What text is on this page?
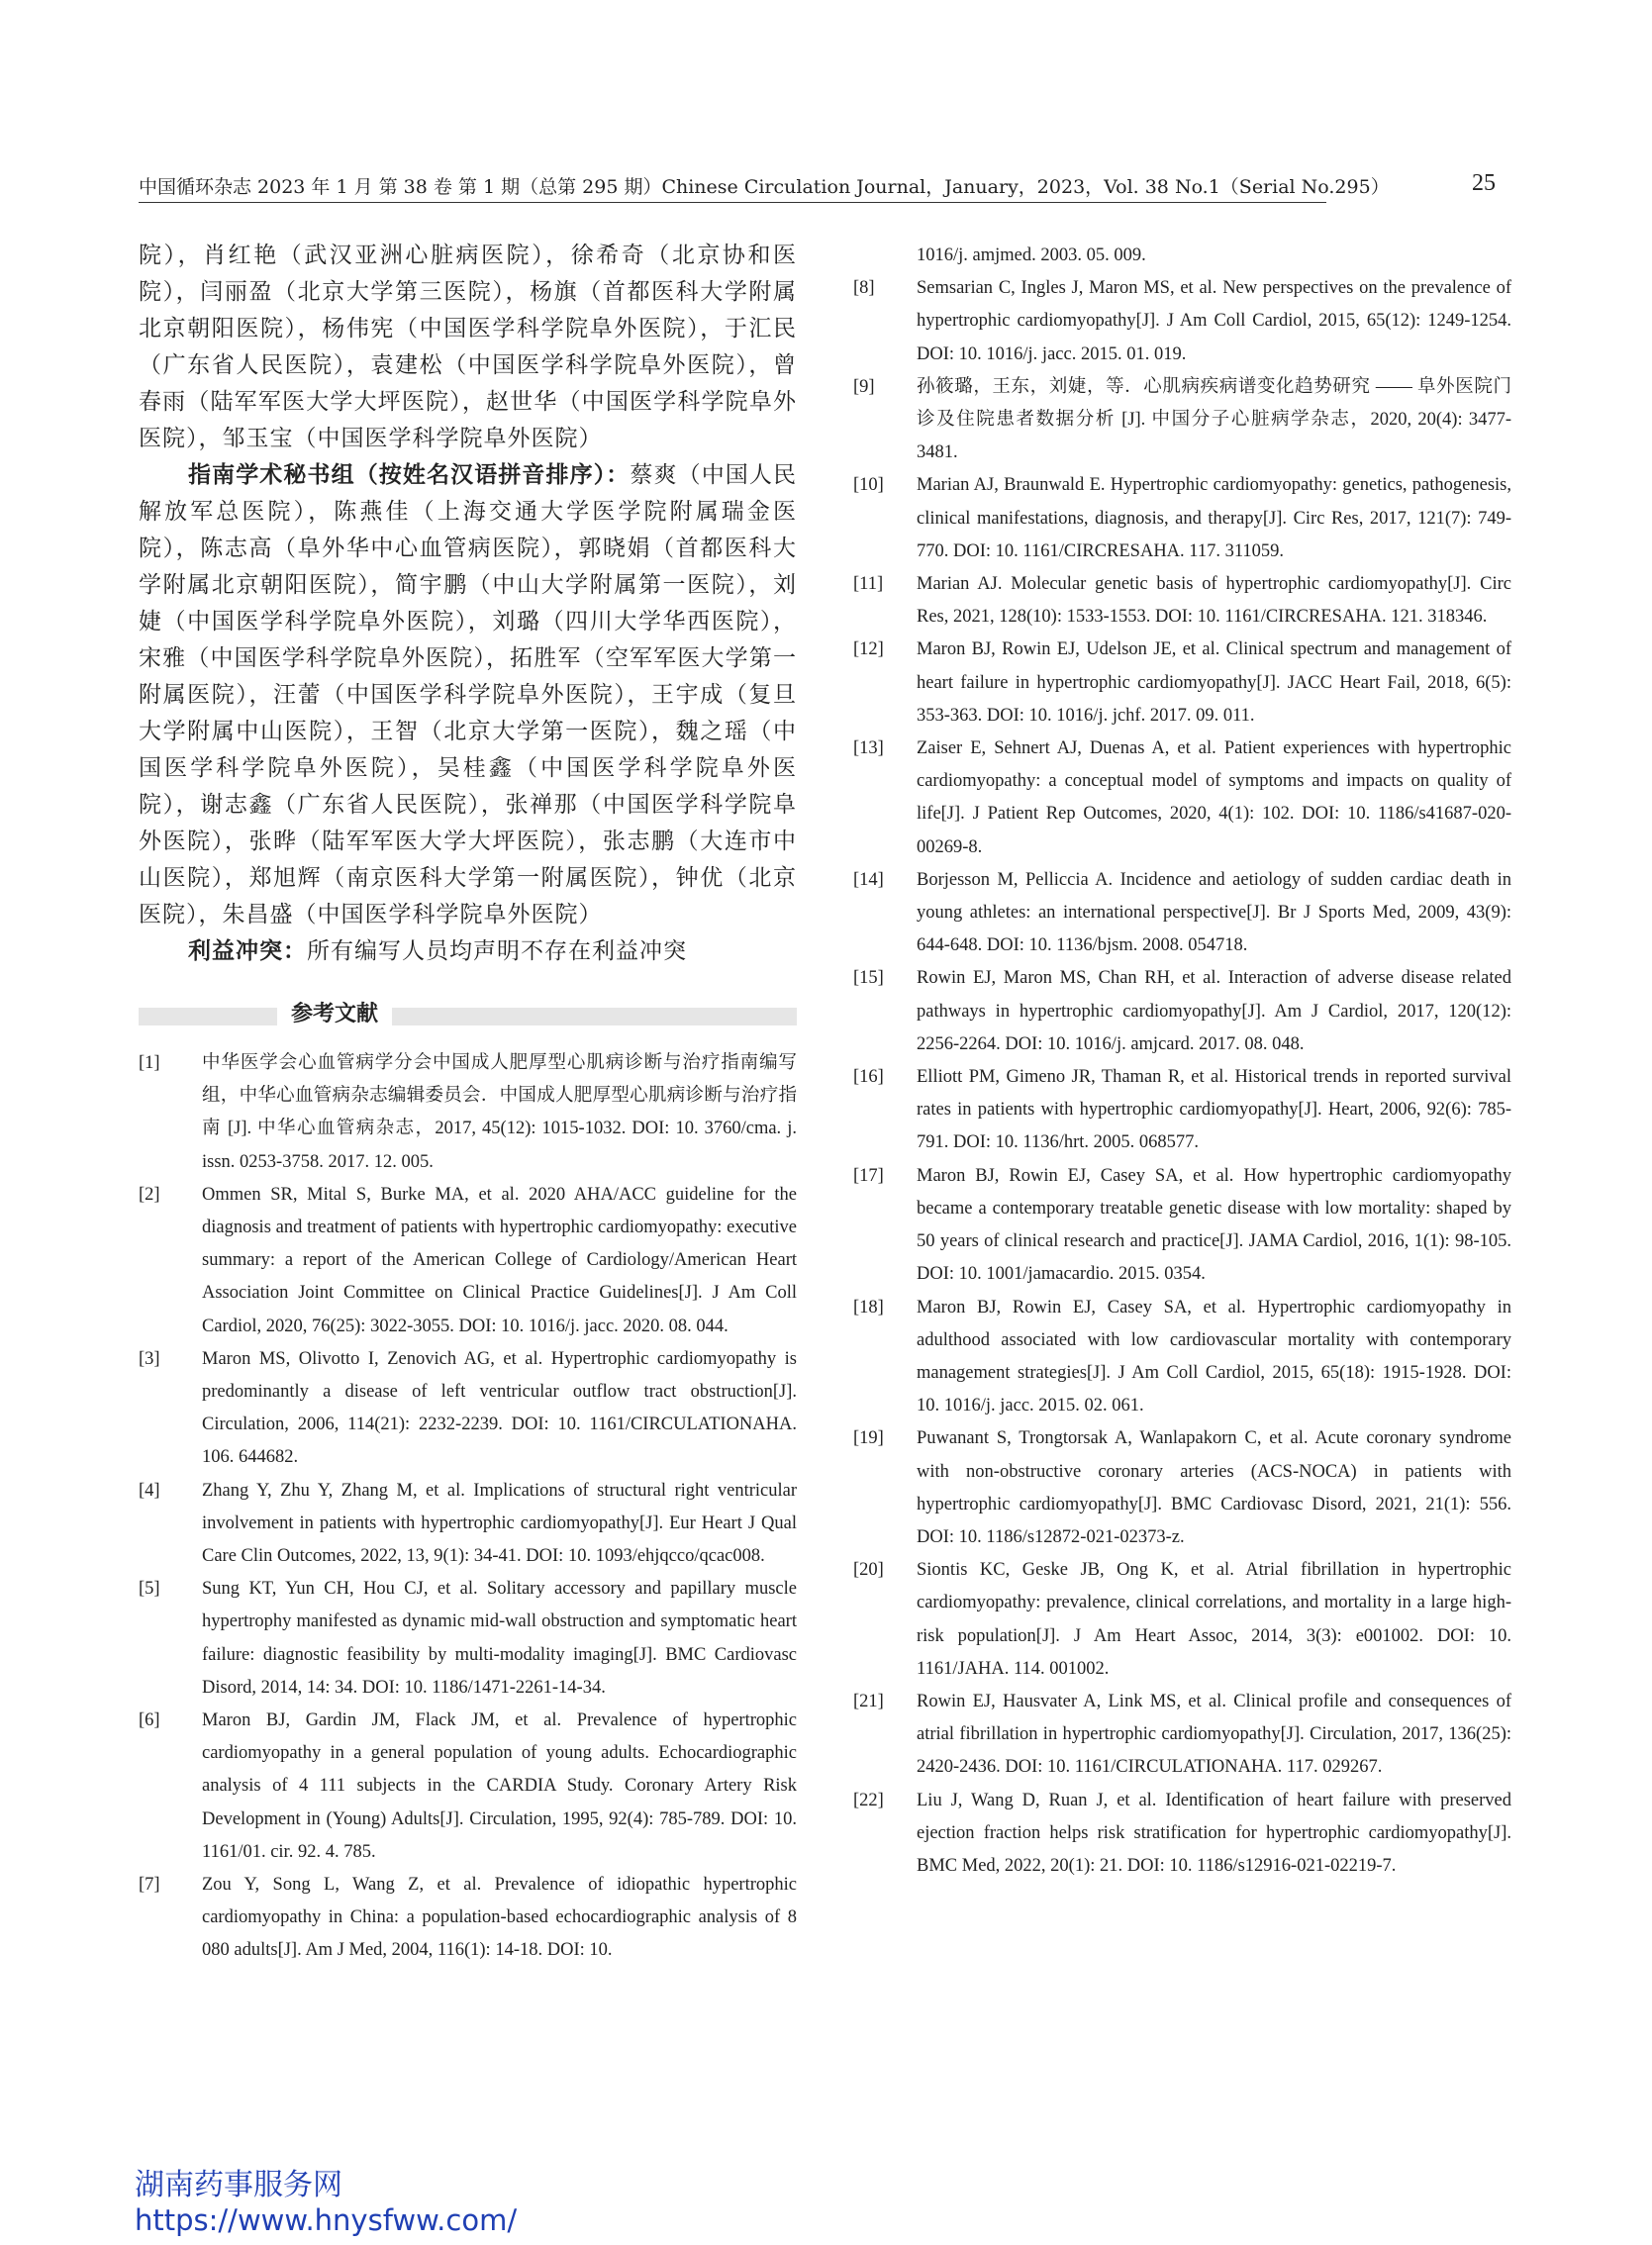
中国循环杂志 2023 年 1 月 第 38 卷 第 1 期（总第 295 期）Chinese Circulation Journal，January，2023，Vol. 38 No.1（Serial No.295）	25

院），肖红艳（武汉亚洲心脏病医院），徐希奇（北京协和医院），闫丽盈（北京大学第三医院），杨旗（首都医科大学附属北京朝阳医院），杨伟宪（中国医学科学院阜外医院），于汇民（广东省人民医院），袁建松（中国医学科学院阜外医院），曾春雨（陆军军医大学大坪医院），赵世华（中国医学科学院阜外医院），邹玉宝（中国医学科学院阜外医院）

指南学术秘书组（按姓名汉语拼音排序）：蔡爽（中国人民解放军总医院），陈燕佳（上海交通大学医学院附属瑞金医院），陈志高（阜外华中心血管病医院），郭晓娟（首都医科大学附属北京朝阳医院），简宇鹏（中山大学附属第一医院），刘婕（中国医学科学院阜外医院），刘璐（四川大学华西医院），宋雅（中国医学科学院阜外医院），拓胜军（空军军医大学第一附属医院），汪蕾（中国医学科学院阜外医院），王宇成（复旦大学附属中山医院），王智（北京大学第一医院），魏之瑶（中国医学科学院阜外医院），吴桂鑫（中国医学科学院阜外医院），谢志鑫（广东省人民医院），张禅那（中国医学科学院阜外医院），张晔（陆军军医大学大坪医院），张志鹏（大连市中山医院），郑旭辉（南京医科大学第一附属医院），钟优（北京医院），朱昌盛（中国医学科学院阜外医院）

利益冲突：所有编写人员均声明不存在利益冲突

参考文献
[1]	中华医学会心血管病学分会中国成人肥厚型心肌病诊断与治疗指南编写组，中华心血管病杂志编辑委员会．中国成人肥厚型心肌病诊断与治疗指南 [J]. 中华心血管病杂志，2017, 45(12): 1015-1032. DOI: 10. 3760/cma. j. issn. 0253-3758. 2017. 12. 005.
[2]	Ommen SR, Mital S, Burke MA, et al. 2020 AHA/ACC guideline for the diagnosis and treatment of patients with hypertrophic cardiomyopathy: executive summary: a report of the American College of Cardiology/American Heart Association Joint Committee on Clinical Practice Guidelines[J]. J Am Coll Cardiol, 2020, 76(25): 3022-3055. DOI: 10. 1016/j. jacc. 2020. 08. 044.
[3]	Maron MS, Olivotto I, Zenovich AG, et al. Hypertrophic cardiomyopathy is predominantly a disease of left ventricular outflow tract obstruction[J]. Circulation, 2006, 114(21): 2232-2239. DOI: 10. 1161/CIRCULATIONAHA. 106. 644682.
[4]	Zhang Y, Zhu Y, Zhang M, et al. Implications of structural right ventricular involvement in patients with hypertrophic cardiomyopathy[J]. Eur Heart J Qual Care Clin Outcomes, 2022, 13, 9(1): 34-41. DOI: 10. 1093/ehjqcco/qcac008.
[5]	Sung KT, Yun CH, Hou CJ, et al. Solitary accessory and papillary muscle hypertrophy manifested as dynamic mid-wall obstruction and symptomatic heart failure: diagnostic feasibility by multi-modality imaging[J]. BMC Cardiovasc Disord, 2014, 14: 34. DOI: 10. 1186/1471-2261-14-34.
[6]	Maron BJ, Gardin JM, Flack JM, et al. Prevalence of hypertrophic cardiomyopathy in a general population of young adults. Echocardiographic analysis of 4 111 subjects in the CARDIA Study. Coronary Artery Risk Development in (Young) Adults[J]. Circulation, 1995, 92(4): 785-789. DOI: 10. 1161/01. cir. 92. 4. 785.
[7]	Zou Y, Song L, Wang Z, et al. Prevalence of idiopathic hypertrophic cardiomyopathy in China: a population-based echocardiographic analysis of 8 080 adults[J]. Am J Med, 2004, 116(1): 14-18. DOI: 10.
1016/j. amjmed. 2003. 05. 009.
[8]	Semsarian C, Ingles J, Maron MS, et al. New perspectives on the prevalence of hypertrophic cardiomyopathy[J]. J Am Coll Cardiol, 2015, 65(12): 1249-1254. DOI: 10. 1016/j. jacc. 2015. 01. 019.
[9]	孙筱璐，王东，刘婕，等．心肌病疾病谱变化趋势研究 —— 阜外医院门诊及住院患者数据分析 [J]. 中国分子心脏病学杂志，2020, 20(4): 3477-3481.
[10]	Marian AJ, Braunwald E. Hypertrophic cardiomyopathy: genetics, pathogenesis, clinical manifestations, diagnosis, and therapy[J]. Circ Res, 2017, 121(7): 749-770. DOI: 10. 1161/CIRCRESAHA. 117. 311059.
[11]	Marian AJ. Molecular genetic basis of hypertrophic cardiomyopathy[J]. Circ Res, 2021, 128(10): 1533-1553. DOI: 10. 1161/CIRCRESAHA. 121. 318346.
[12]	Maron BJ, Rowin EJ, Udelson JE, et al. Clinical spectrum and management of heart failure in hypertrophic cardiomyopathy[J]. JACC Heart Fail, 2018, 6(5): 353-363. DOI: 10. 1016/j. jchf. 2017. 09. 011.
[13]	Zaiser E, Sehnert AJ, Duenas A, et al. Patient experiences with hypertrophic cardiomyopathy: a conceptual model of symptoms and impacts on quality of life[J]. J Patient Rep Outcomes, 2020, 4(1): 102. DOI: 10. 1186/s41687-020-00269-8.
[14]	Borjesson M, Pelliccia A. Incidence and aetiology of sudden cardiac death in young athletes: an international perspective[J]. Br J Sports Med, 2009, 43(9): 644-648. DOI: 10. 1136/bjsm. 2008. 054718.
[15]	Rowin EJ, Maron MS, Chan RH, et al. Interaction of adverse disease related pathways in hypertrophic cardiomyopathy[J]. Am J Cardiol, 2017, 120(12): 2256-2264. DOI: 10. 1016/j. amjcard. 2017. 08. 048.
[16]	Elliott PM, Gimeno JR, Thaman R, et al. Historical trends in reported survival rates in patients with hypertrophic cardiomyopathy[J]. Heart, 2006, 92(6): 785-791. DOI: 10. 1136/hrt. 2005. 068577.
[17]	Maron BJ, Rowin EJ, Casey SA, et al. How hypertrophic cardiomyopathy became a contemporary treatable genetic disease with low mortality: shaped by 50 years of clinical research and practice[J]. JAMA Cardiol, 2016, 1(1): 98-105. DOI: 10. 1001/jamacardio. 2015. 0354.
[18]	Maron BJ, Rowin EJ, Casey SA, et al. Hypertrophic cardiomyopathy in adulthood associated with low cardiovascular mortality with contemporary management strategies[J]. J Am Coll Cardiol, 2015, 65(18): 1915-1928. DOI: 10. 1016/j. jacc. 2015. 02. 061.
[19]	Puwanant S, Trongtorsak A, Wanlapakorn C, et al. Acute coronary syndrome with non-obstructive coronary arteries (ACS-NOCA) in patients with hypertrophic cardiomyopathy[J]. BMC Cardiovasc Disord, 2021, 21(1): 556. DOI: 10. 1186/s12872-021-02373-z.
[20]	Siontis KC, Geske JB, Ong K, et al. Atrial fibrillation in hypertrophic cardiomyopathy: prevalence, clinical correlations, and mortality in a large high-risk population[J]. J Am Heart Assoc, 2014, 3(3): e001002. DOI: 10. 1161/JAHA. 114. 001002.
[21]	Rowin EJ, Hausvater A, Link MS, et al. Clinical profile and consequences of atrial fibrillation in hypertrophic cardiomyopathy[J]. Circulation, 2017, 136(25): 2420-2436. DOI: 10. 1161/CIRCULATIONAHA. 117. 029267.
[22]	Liu J, Wang D, Ruan J, et al. Identification of heart failure with preserved ejection fraction helps risk stratification for hypertrophic cardiomyopathy[J]. BMC Med, 2022, 20(1): 21. DOI: 10. 1186/s12916-021-02219-7.
湖南药事服务网
https://www.hnysfww.com/
